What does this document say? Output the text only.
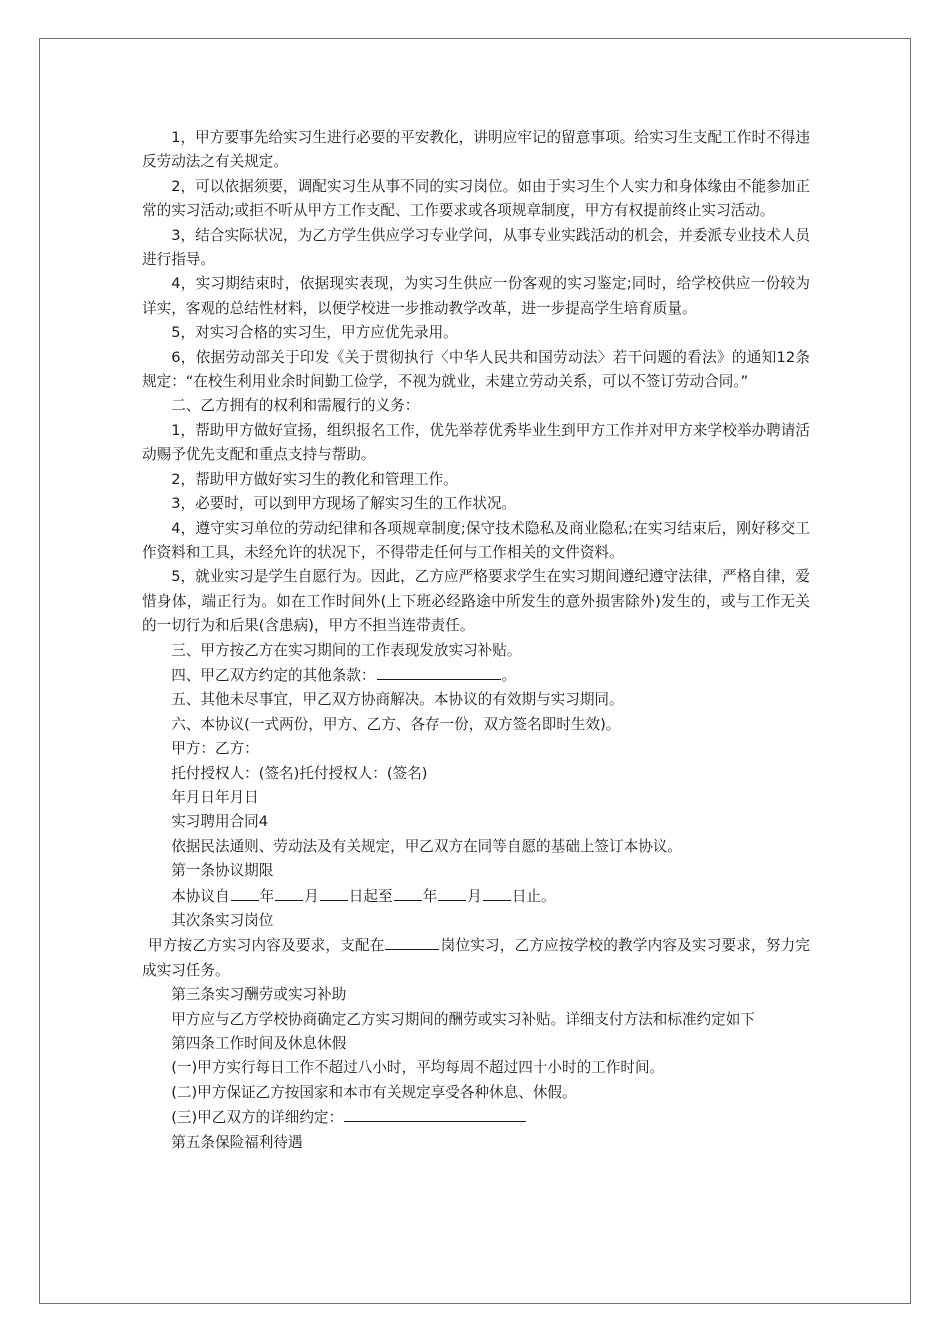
1，甲方要事先给实习生进行必要的平安教化，讲明应牢记的留意事项。给实习生支配工作时不得违反劳动法之有关规定。

2，可以依据须要，调配实习生从事不同的实习岗位。如由于实习生个人实力和身体缘由不能参加正常的实习活动;或拒不听从甲方工作支配、工作要求或各项规章制度，甲方有权提前终止实习活动。

3，结合实际状况，为乙方学生供应学习专业学问，从事专业实践活动的机会，并委派专业技术人员进行指导。

4，实习期结束时，依据现实表现，为实习生供应一份客观的实习鉴定;同时，给学校供应一份较为详实，客观的总结性材料，以便学校进一步推动教学改革，进一步提高学生培育质量。

5，对实习合格的实习生，甲方应优先录用。

6，依据劳动部关于印发《关于贯彻执行〈中华人民共和国劳动法〉若干问题的看法》的通知12条规定：“在校生利用业余时间勤工俭学，不视为就业，未建立劳动关系，可以不签订劳动合同。”

二、乙方拥有的权利和需履行的义务：

1，帮助甲方做好宣扬，组织报名工作，优先举荐优秀毕业生到甲方工作并对甲方来学校举办聘请活动赐予优先支配和重点支持与帮助。

2，帮助甲方做好实习生的教化和管理工作。

3，必要时，可以到甲方现场了解实习生的工作状况。

4，遵守实习单位的劳动纪律和各项规章制度;保守技术隐私及商业隐私;在实习结束后，刚好移交工作资料和工具，未经允许的状况下，不得带走任何与工作相关的文件资料。

5，就业实习是学生自愿行为。因此，乙方应严格要求学生在实习期间遵纪遵守法律，严格自律，爱惜身体，端正行为。如在工作时间外(上下班必经路途中所发生的意外损害除外)发生的，或与工作无关的一切行为和后果(含患病)，甲方不担当连带责任。

三、甲方按乙方在实习期间的工作表现发放实习补贴。

四、甲乙双方约定的其他条款：	。

五、其他未尽事宜，甲乙双方协商解决。本协议的有效期与实习期同。

六、本协议(一式两份，甲方、乙方、各存一份，双方签名即时生效)。

甲方：乙方：

托付授权人：(签名)托付授权人：(签名)

年月日年月日

实习聘用合同4

依据民法通则、劳动法及有关规定，甲乙双方在同等自愿的基础上签订本协议。

第一条协议期限

本协议自 年 月 日起至 年 月 日止。

其次条实习岗位

甲方按乙方实习内容及要求，支配在	岗位实习，乙方应按学校的教学内容及实习要求，努力完成实习任务。

第三条实习酬劳或实习补助

甲方应与乙方学校协商确定乙方实习期间的酬劳或实习补贴。详细支付方法和标准约定如下

第四条工作时间及休息休假

(一)甲方实行每日工作不超过八小时，平均每周不超过四十小时的工作时间。

(二)甲方保证乙方按国家和本市有关规定享受各种休息、休假。

(三)甲乙双方的详细约定：

第五条保险福利待遇
